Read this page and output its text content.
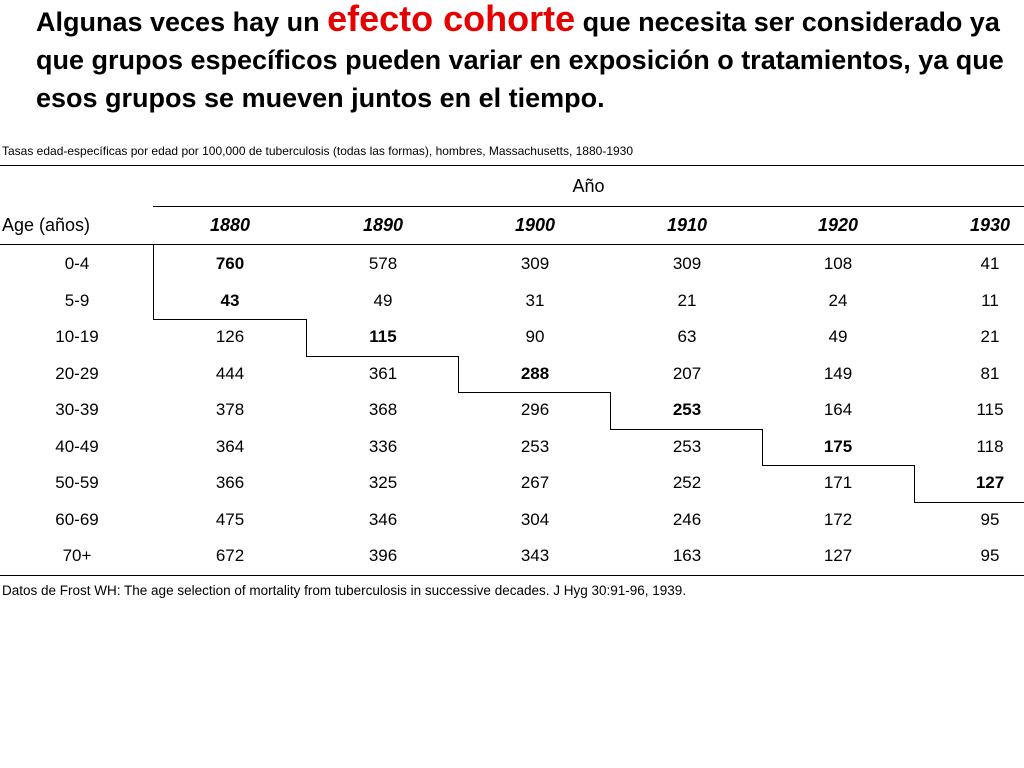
Algunas veces hay un efecto cohorte que necesita ser considerado ya que grupos específicos pueden variar en exposición o tratamientos, ya que esos grupos se mueven juntos en el tiempo.

Tasas edad-específicas por edad por 100,000 de tuberculosis (todas las formas), hombres, Massachusetts, 1880-1930

Año
Age (años)	1880	1890	1900	1910	1920	1930
0-4	760	578	309	309	108	41
5-9	43	49	31	21	24	11
10-19	126	115	90	63	49	21
20-29	444	361	288	207	149	81
30-39	378	368	296	253	164	115
40-49	364	336	253	253	175	118
50-59	366	325	267	252	171	127
60-69	475	346	304	246	172	95
70+	672	396	343	163	127	95

Datos de Frost WH: The age selection of mortality from tuberculosis in successive decades. J Hyg 30:91-96, 1939.
